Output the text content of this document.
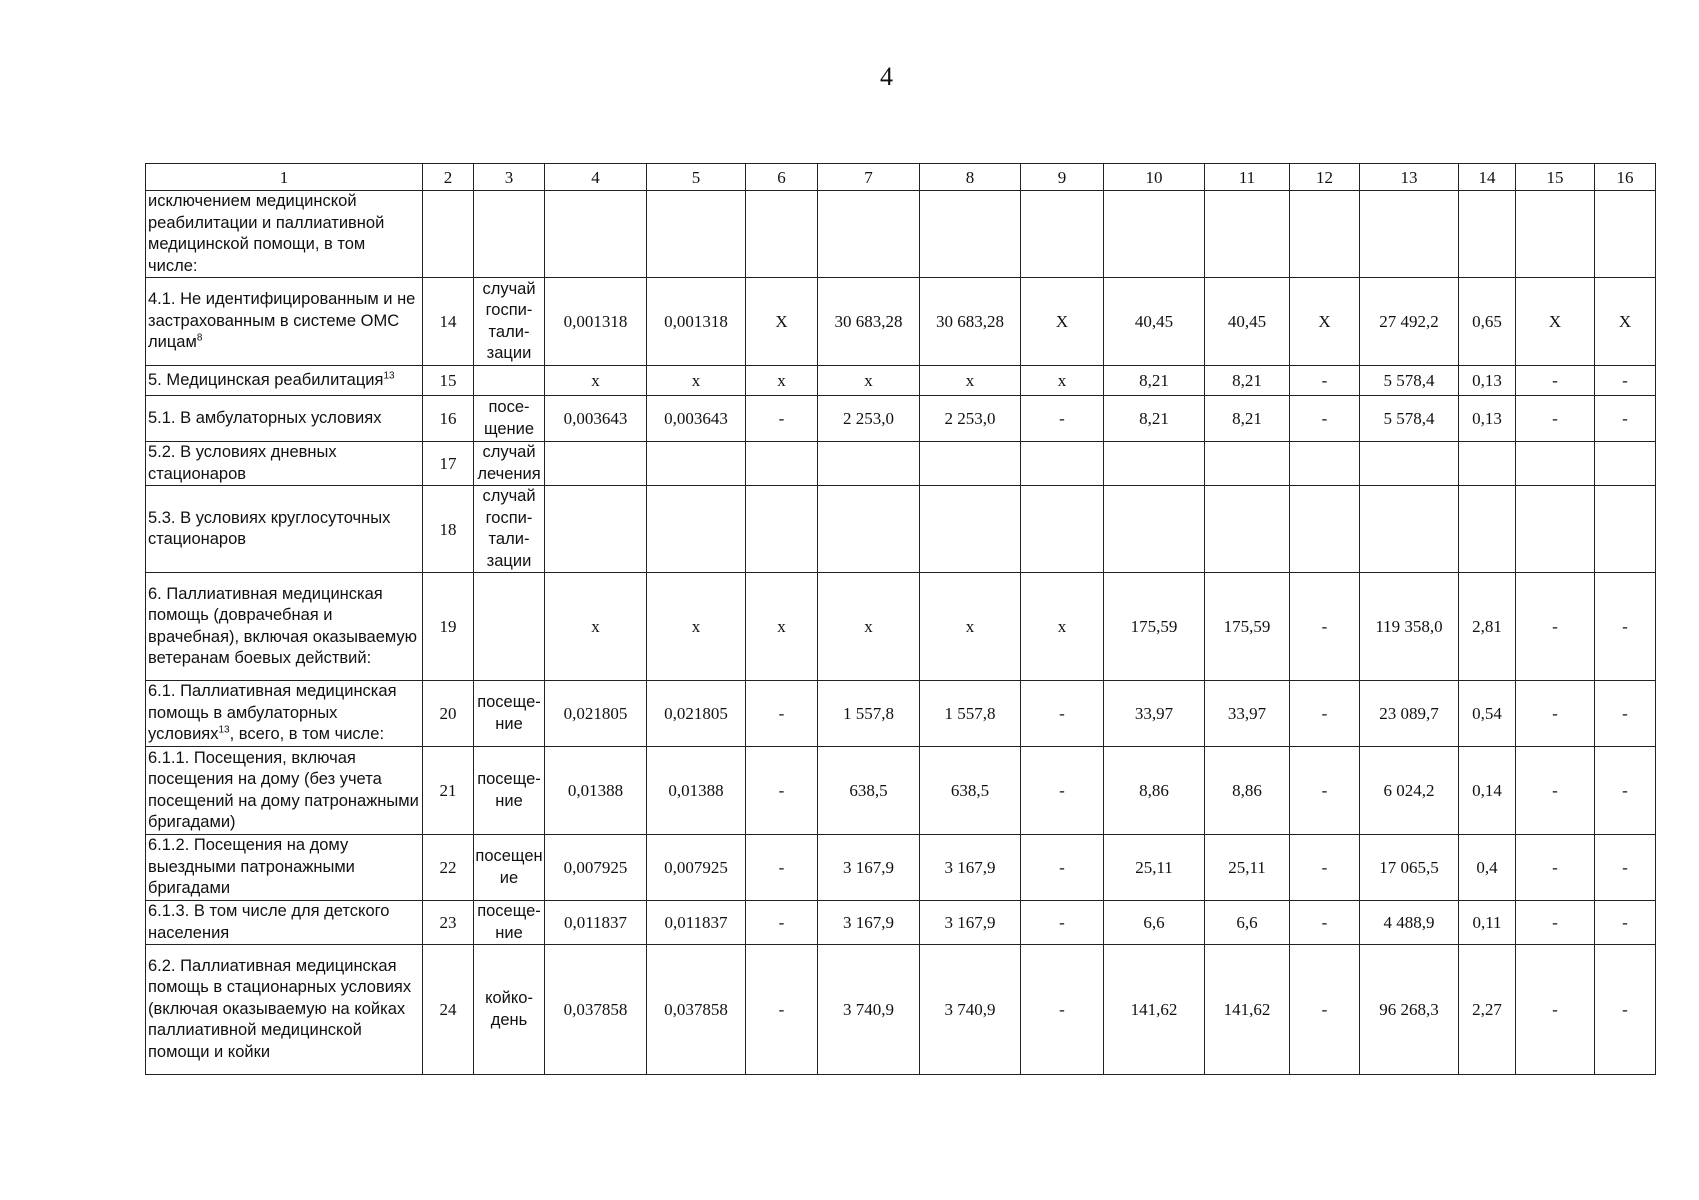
4
1	2	3	4	5	6	7	8	9	10	11	12	13	14	15	16
исключением медицинской реабилитации и паллиативной медицинской помощи, в том числе:															
4.1. Не идентифицированным и не застрахованным в системе ОМС лицам$^8$	14	случай госпи-тали-зации	0,001318	0,001318	X	30 683,28	30 683,28	X	40,45	40,45	X	27 492,2	0,65	X	X
5. Медицинская реабилитация$^{13}$	15		x	x	x	x	x	x	8,21	8,21	-	5 578,4	0,13	-	-
5.1. В амбулаторных условиях	16	посе-щение	0,003643	0,003643	-	2 253,0	2 253,0	-	8,21	8,21	-	5 578,4	0,13	-	-
5.2. В условиях дневных стационаров	17	случай лечения													
5.3. В условиях круглосуточных стационаров	18	случай госпи-тали-зации													
6. Паллиативная медицинская помощь (доврачебная и врачебная), включая оказываемую ветеранам боевых действий:	19		x	x	x	x	x	x	175,59	175,59	-	119 358,0	2,81	-	-
6.1. Паллиативная медицинская помощь в амбулаторных условиях$^{13}$, всего, в том числе:	20	посеще-ние	0,021805	0,021805	-	1 557,8	1 557,8	-	33,97	33,97	-	23 089,7	0,54	-	-
6.1.1. Посещения, включая посещения на дому (без учета посещений на дому патронажными бригадами)	21	посеще-ние	0,01388	0,01388	-	638,5	638,5	-	8,86	8,86	-	6 024,2	0,14	-	-
6.1.2. Посещения на дому выездными патронажными бригадами	22	посещен ие	0,007925	0,007925	-	3 167,9	3 167,9	-	25,11	25,11	-	17 065,5	0,4	-	-
6.1.3. В том числе для детского населения	23	посеще-ние	0,011837	0,011837	-	3 167,9	3 167,9	-	6,6	6,6	-	4 488,9	0,11	-	-
6.2. Паллиативная медицинская помощь в стационарных условиях (включая оказываемую на койках паллиативной медицинской помощи и койки	24	койко-день	0,037858	0,037858	-	3 740,9	3 740,9	-	141,62	141,62	-	96 268,3	2,27	-	-
